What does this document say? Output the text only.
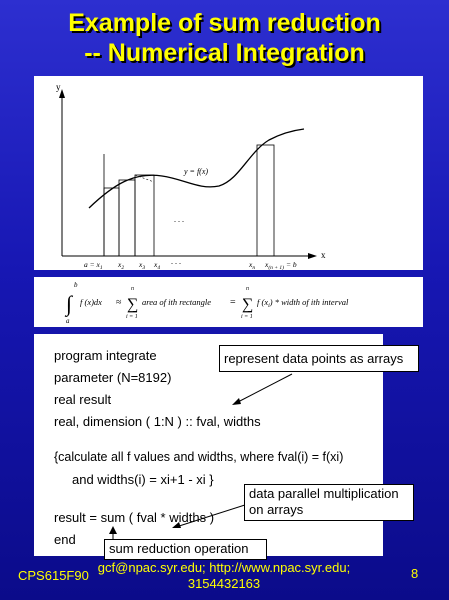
Example of sum reduction
-- Numerical Integration
y
x
y = f(x)
. . .
$a = x_1$ $x_2$ $x_3$ $x_4$
. . .	$x_n$ $x_{(n + 1)} = b$
∫
b
a
f (x)dx ≈ ∑
n
i = 1
area of ith rectangle = ∑
n
i = 1
f $(x_i)$ * width of ith interval
program integrate
parameter (N=8192)
real result
real, dimension ( 1:N ) :: fval, widths
{calculate all f values and widths, where fval(i) = f(xi)
and widths(i) = xi+1 - xi }
result = sum ( fval * widths )
end
represent data points as arrays
data parallel multiplication on arrays
sum reduction operation
CPS615F90
gcf@npac.syr.edu; http://www.npac.syr.edu;
3154432163
8
